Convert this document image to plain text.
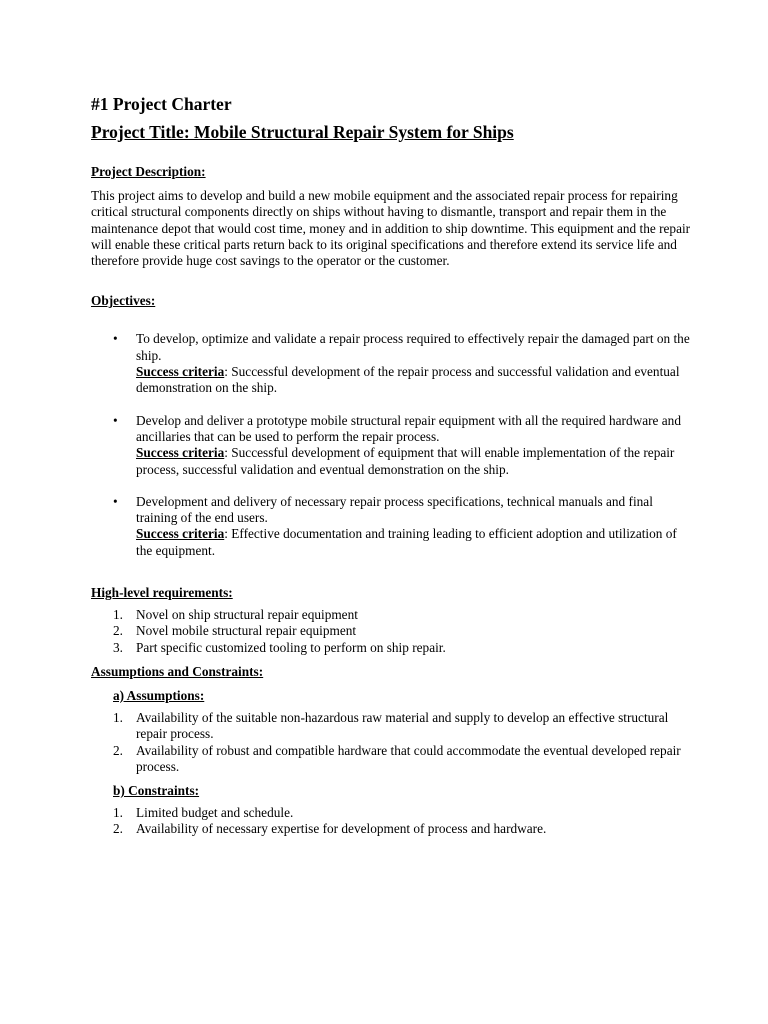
#1 Project Charter
Project Title: Mobile Structural Repair System for Ships
Project Description:

This project aims to develop and build a new mobile equipment and the associated repair process for repairing critical structural components directly on ships without having to dismantle, transport and repair them in the maintenance depot that would cost time, money and in addition to ship downtime. This equipment and the repair will enable these critical parts return back to its original specifications and therefore extend its service life and therefore provide huge cost savings to the operator or the customer.

Objectives:
• To develop, optimize and validate a repair process required to effectively repair the damaged part on the ship.
Success criteria: Successful development of the repair process and successful validation and eventual demonstration on the ship.
• Develop and deliver a prototype mobile structural repair equipment with all the required hardware and ancillaries that can be used to perform the repair process.
Success criteria: Successful development of equipment that will enable implementation of the repair process, successful validation and eventual demonstration on the ship.
• Development and delivery of necessary repair process specifications, technical manuals and final training of the end users.
Success criteria: Effective documentation and training leading to efficient adoption and utilization of the equipment.
High-level requirements:
1. Novel on ship structural repair equipment
2. Novel mobile structural repair equipment
3. Part specific customized tooling to perform on ship repair.
Assumptions and Constraints:
a) Assumptions:
1. Availability of the suitable non-hazardous raw material and supply to develop an effective structural repair process.
2. Availability of robust and compatible hardware that could accommodate the eventual developed repair process.
b) Constraints:
1. Limited budget and schedule.
2. Availability of necessary expertise for development of process and hardware.
